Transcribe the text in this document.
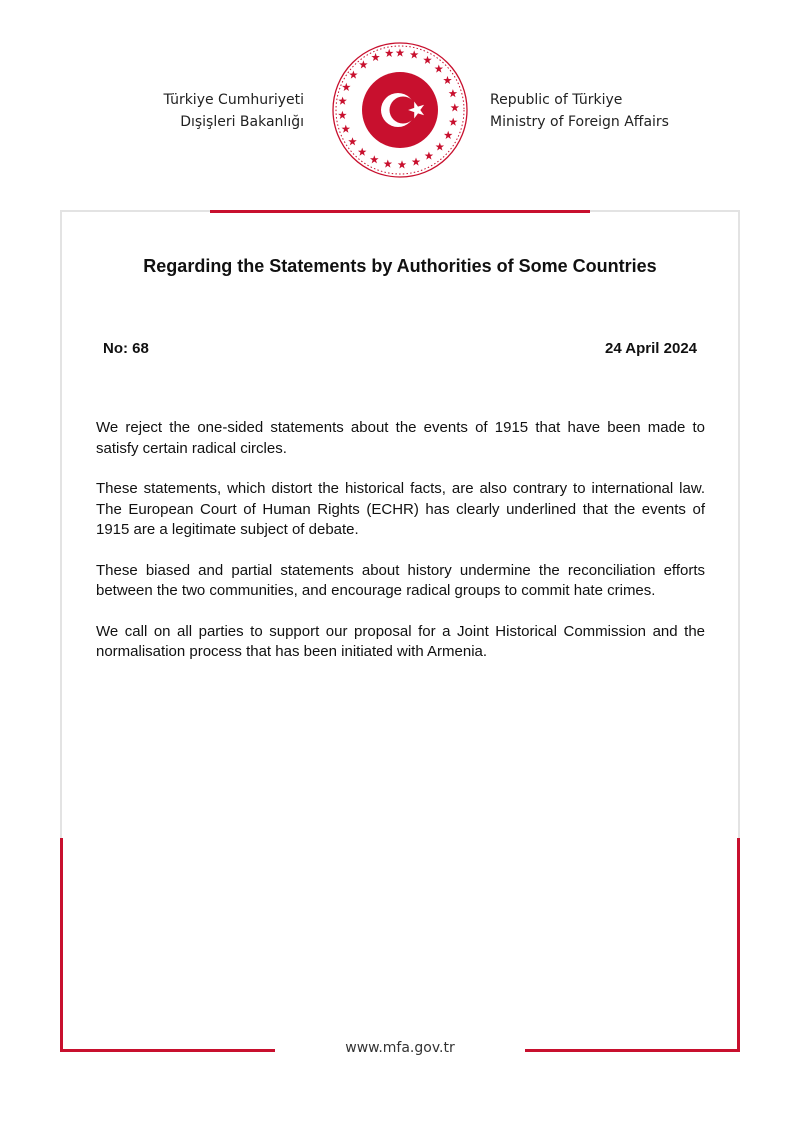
Türkiye Cumhuriyeti
Dışişleri Bakanlığı
Republic of Türkiye
Ministry of Foreign Affairs
Regarding the Statements by Authorities of Some Countries
No: 68	24 April 2024

We reject the one-sided statements about the events of 1915 that have been made to satisfy certain radical circles.

These statements, which distort the historical facts, are also contrary to international law. The European Court of Human Rights (ECHR) has clearly underlined that the events of 1915 are a legitimate subject of debate.

These biased and partial statements about history undermine the reconciliation efforts between the two communities, and encourage radical groups to commit hate crimes.

We call on all parties to support our proposal for a Joint Historical Commission and the normalisation process that has been initiated with Armenia.

www.mfa.gov.tr
